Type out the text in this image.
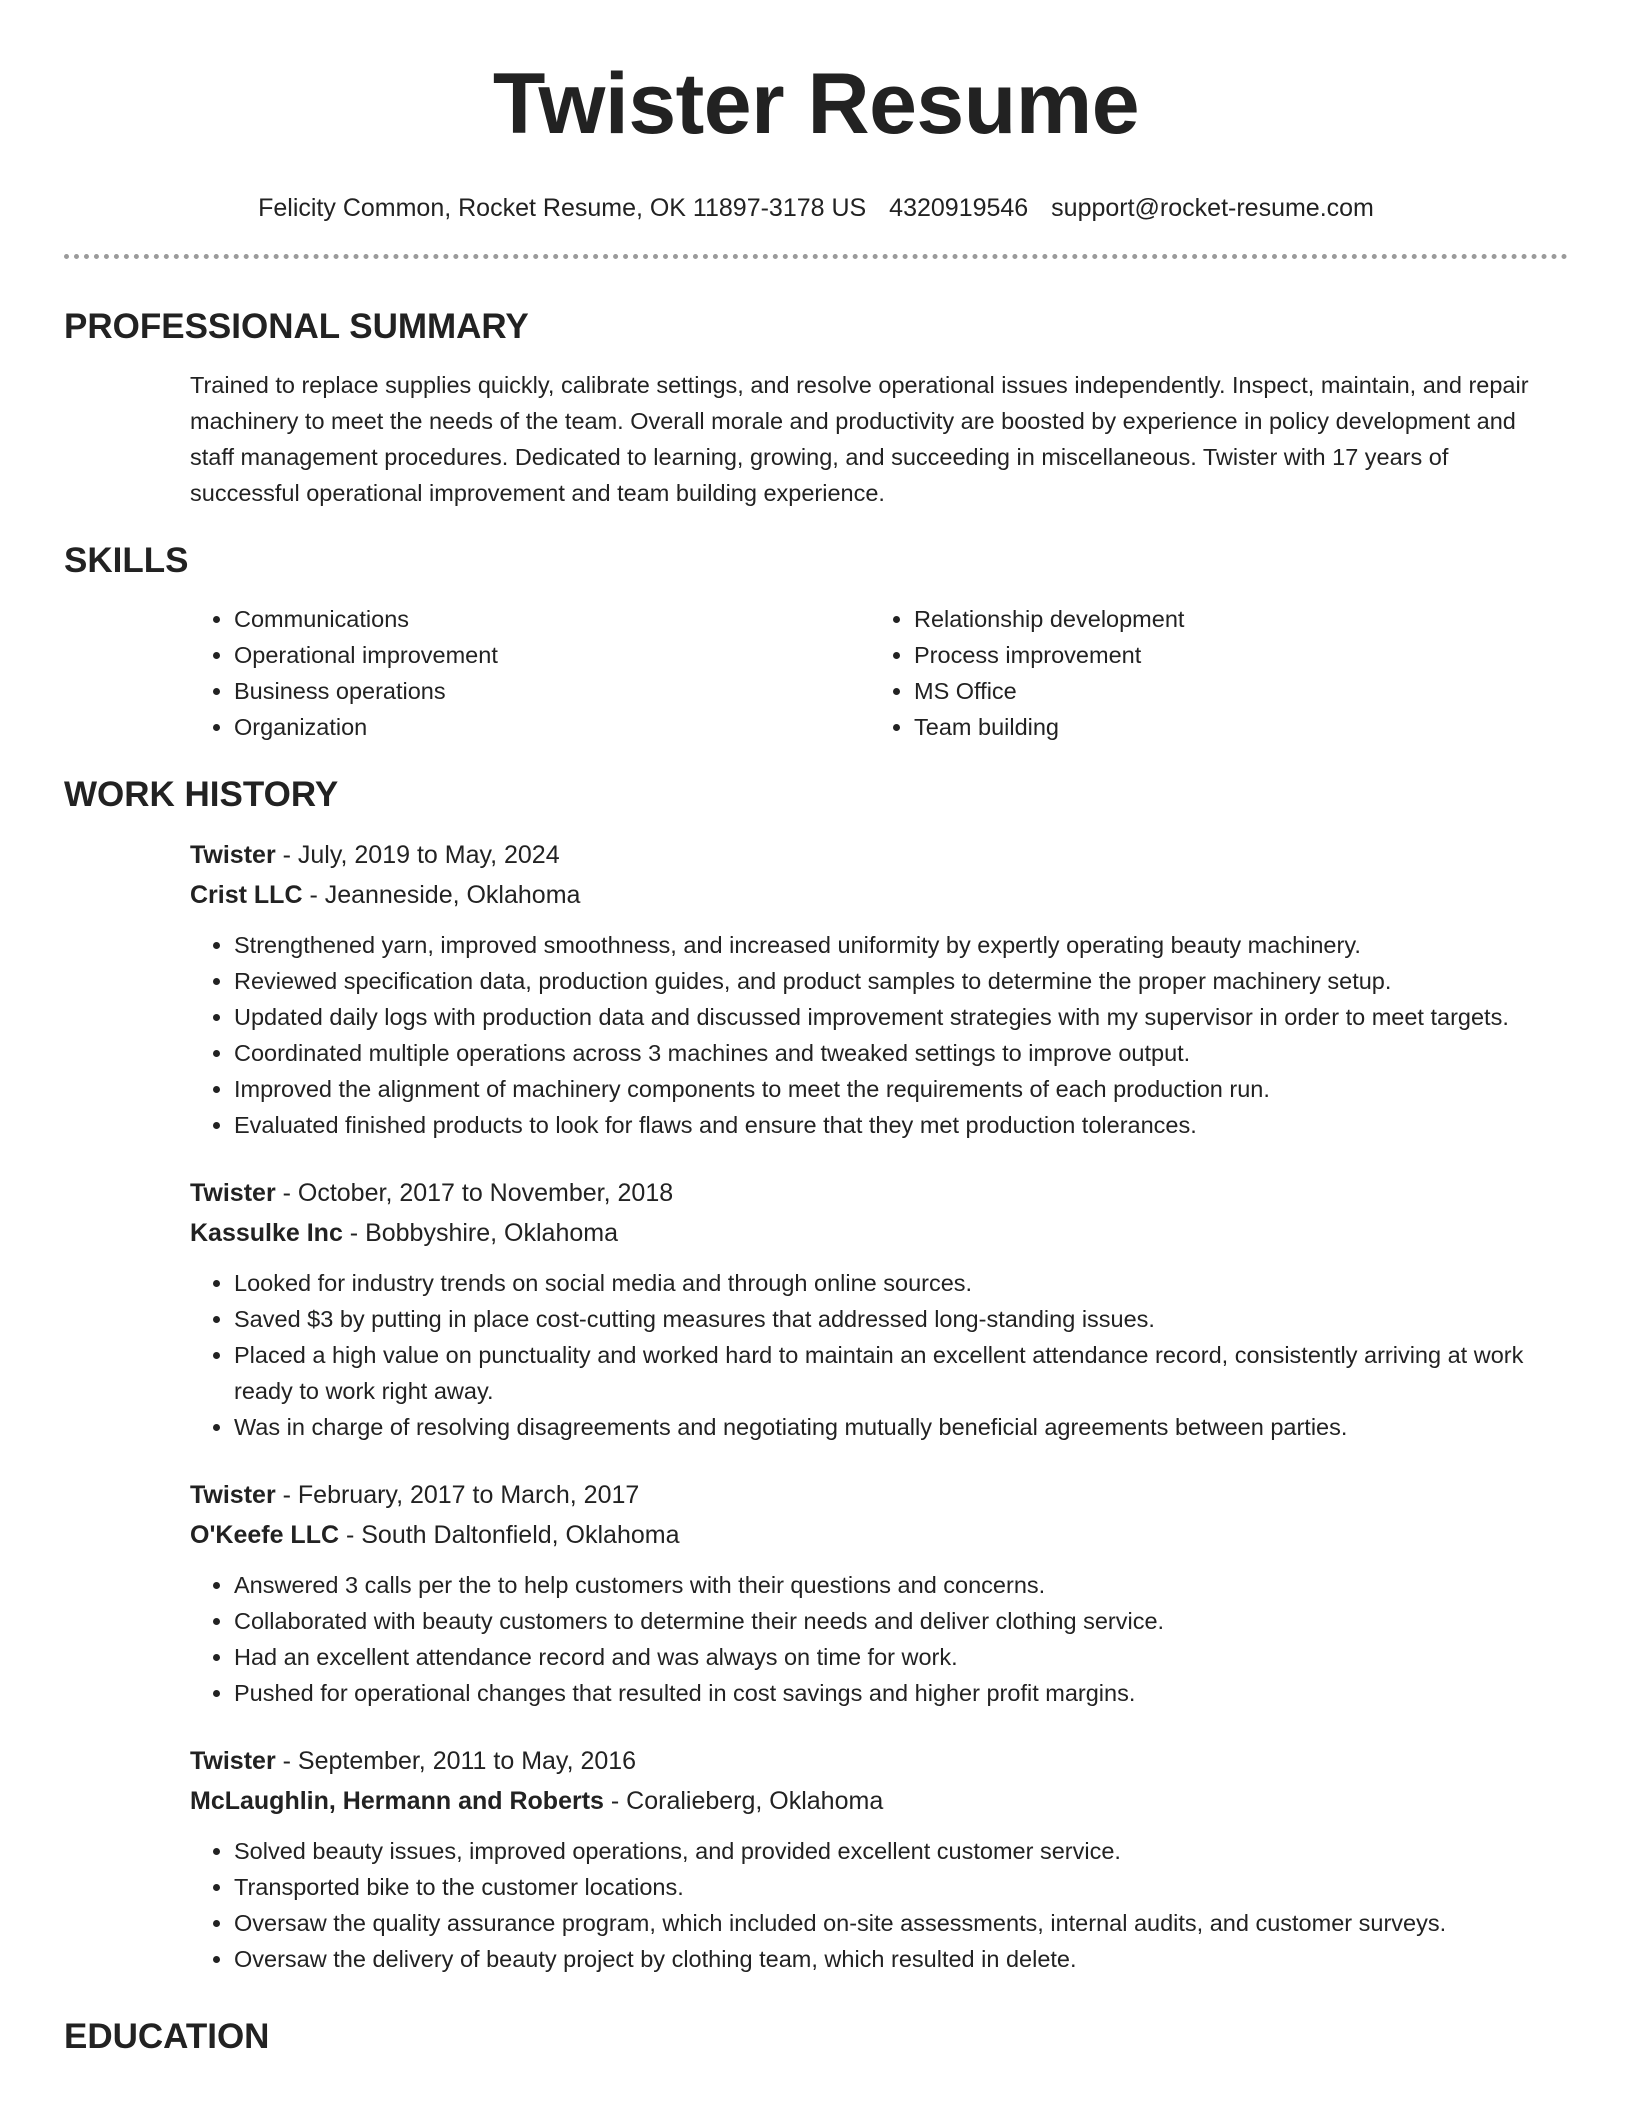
Twister Resume
Felicity Common, Rocket Resume, OK 11897-3178 US 4320919546 support@rocket-resume.com
PROFESSIONAL SUMMARY

Trained to replace supplies quickly, calibrate settings, and resolve operational issues independently. Inspect, maintain, and repair machinery to meet the needs of the team. Overall morale and productivity are boosted by experience in policy development and staff management procedures. Dedicated to learning, growing, and succeeding in miscellaneous. Twister with 17 years of successful operational improvement and team building experience.

SKILLS
• Communications
• Operational improvement
• Business operations
• Organization
• Relationship development
• Process improvement
• MS Office
• Team building
WORK HISTORY
Twister - July, 2019 to May, 2024
Crist LLC - Jeanneside, Oklahoma
• Strengthened yarn, improved smoothness, and increased uniformity by expertly operating beauty machinery.
• Reviewed specification data, production guides, and product samples to determine the proper machinery setup.
• Updated daily logs with production data and discussed improvement strategies with my supervisor in order to meet targets.
• Coordinated multiple operations across 3 machines and tweaked settings to improve output.
• Improved the alignment of machinery components to meet the requirements of each production run.
• Evaluated finished products to look for flaws and ensure that they met production tolerances.
Twister - October, 2017 to November, 2018
Kassulke Inc - Bobbyshire, Oklahoma
• Looked for industry trends on social media and through online sources.
• Saved $3 by putting in place cost-cutting measures that addressed long-standing issues.
• Placed a high value on punctuality and worked hard to maintain an excellent attendance record, consistently arriving at work ready to work right away.
• Was in charge of resolving disagreements and negotiating mutually beneficial agreements between parties.
Twister - February, 2017 to March, 2017
O'Keefe LLC - South Daltonfield, Oklahoma
• Answered 3 calls per the to help customers with their questions and concerns.
• Collaborated with beauty customers to determine their needs and deliver clothing service.
• Had an excellent attendance record and was always on time for work.
• Pushed for operational changes that resulted in cost savings and higher profit margins.
Twister - September, 2011 to May, 2016
McLaughlin, Hermann and Roberts - Coralieberg, Oklahoma
• Solved beauty issues, improved operations, and provided excellent customer service.
• Transported bike to the customer locations.
• Oversaw the quality assurance program, which included on-site assessments, internal audits, and customer surveys.
• Oversaw the delivery of beauty project by clothing team, which resulted in delete.
EDUCATION
